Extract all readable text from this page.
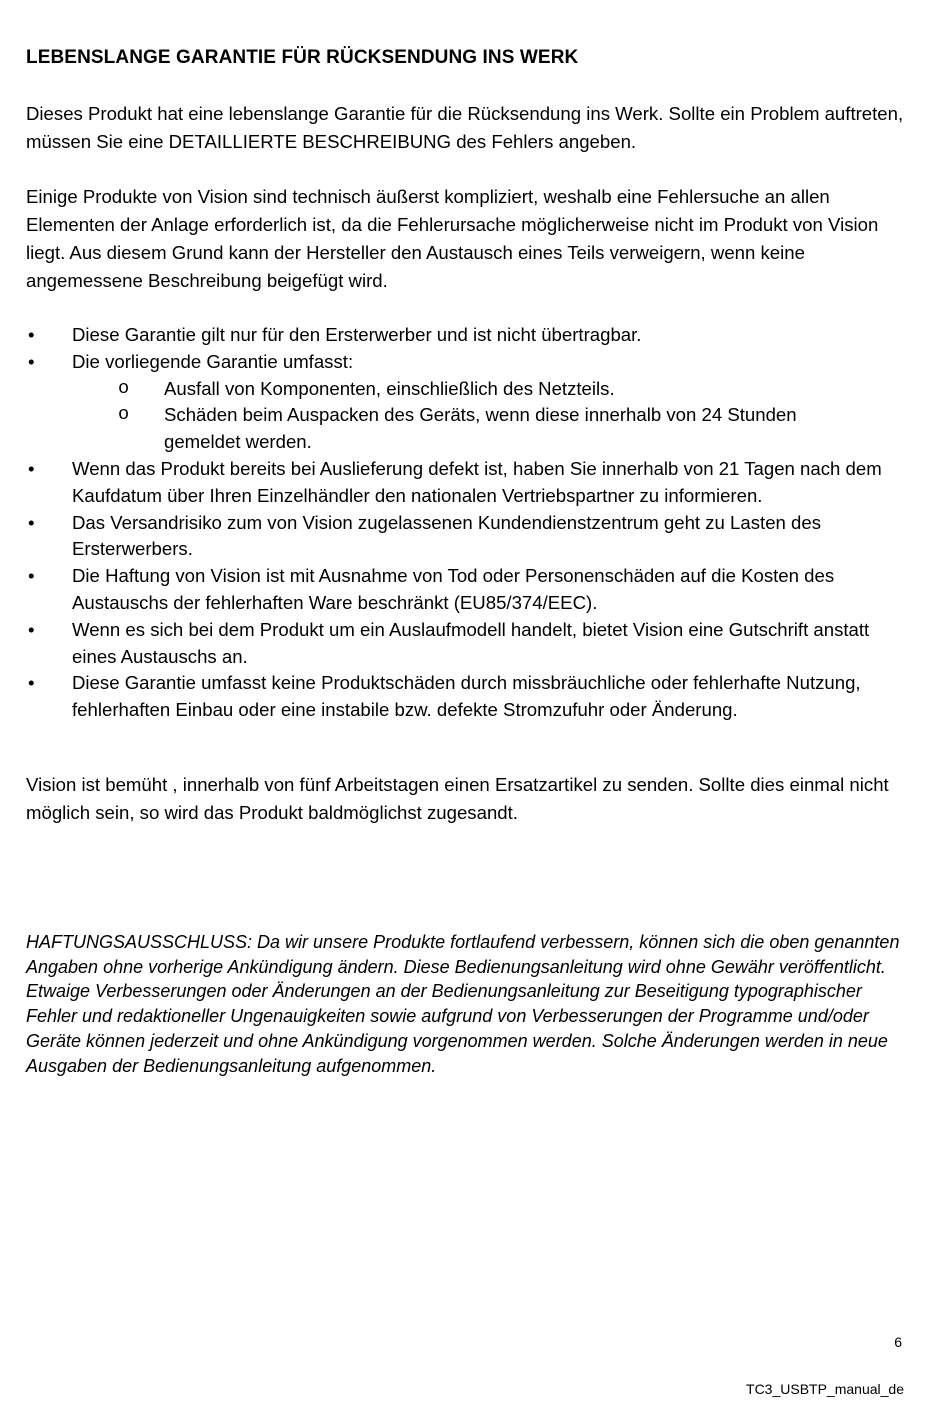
LEBENSLANGE GARANTIE FÜR RÜCKSENDUNG INS WERK

Dieses Produkt hat eine lebenslange Garantie für die Rücksendung ins Werk. Sollte ein Problem auftreten, müssen Sie eine DETAILLIERTE BESCHREIBUNG des Fehlers angeben.

Einige Produkte von Vision sind technisch äußerst kompliziert, weshalb eine Fehlersuche an allen Elementen der Anlage erforderlich ist, da die Fehlerursache möglicherweise nicht im Produkt von Vision liegt. Aus diesem Grund kann der Hersteller den Austausch eines Teils verweigern, wenn keine angemessene Beschreibung beigefügt wird.

• Diese Garantie gilt nur für den Ersterwerber und ist nicht übertragbar.
• Die vorliegende Garantie umfasst:
o Ausfall von Komponenten, einschließlich des Netzteils.
o Schäden beim Auspacken des Geräts, wenn diese innerhalb von 24 Stunden gemeldet werden.
• Wenn das Produkt bereits bei Auslieferung defekt ist, haben Sie innerhalb von 21 Tagen nach dem Kaufdatum über Ihren Einzelhändler den nationalen Vertriebspartner zu informieren.
• Das Versandrisiko zum von Vision zugelassenen Kundendienstzentrum geht zu Lasten des Ersterwerbers.
• Die Haftung von Vision ist mit Ausnahme von Tod oder Personenschäden auf die Kosten des Austauschs der fehlerhaften Ware beschränkt (EU85/374/EEC).
• Wenn es sich bei dem Produkt um ein Auslaufmodell handelt, bietet Vision eine Gutschrift anstatt eines Austauschs an.
• Diese Garantie umfasst keine Produktschäden durch missbräuchliche oder fehlerhafte Nutzung, fehlerhaften Einbau oder eine instabile bzw. defekte Stromzufuhr oder Änderung.

Vision ist bemüht , innerhalb von fünf Arbeitstagen einen Ersatzartikel zu senden. Sollte dies einmal nicht möglich sein, so wird das Produkt baldmöglichst zugesandt.

HAFTUNGSAUSSCHLUSS: Da wir unsere Produkte fortlaufend verbessern, können sich die oben genannten Angaben ohne vorherige Ankündigung ändern. Diese Bedienungsanleitung wird ohne Gewähr veröffentlicht. Etwaige Verbesserungen oder Änderungen an der Bedienungsanleitung zur Beseitigung typographischer Fehler und redaktioneller Ungenauigkeiten sowie aufgrund von Verbesserungen der Programme und/oder Geräte können jederzeit und ohne Ankündigung vorgenommen werden. Solche Änderungen werden in neue Ausgaben der Bedienungsanleitung aufgenommen.

6
TC3_USBTP_manual_de
